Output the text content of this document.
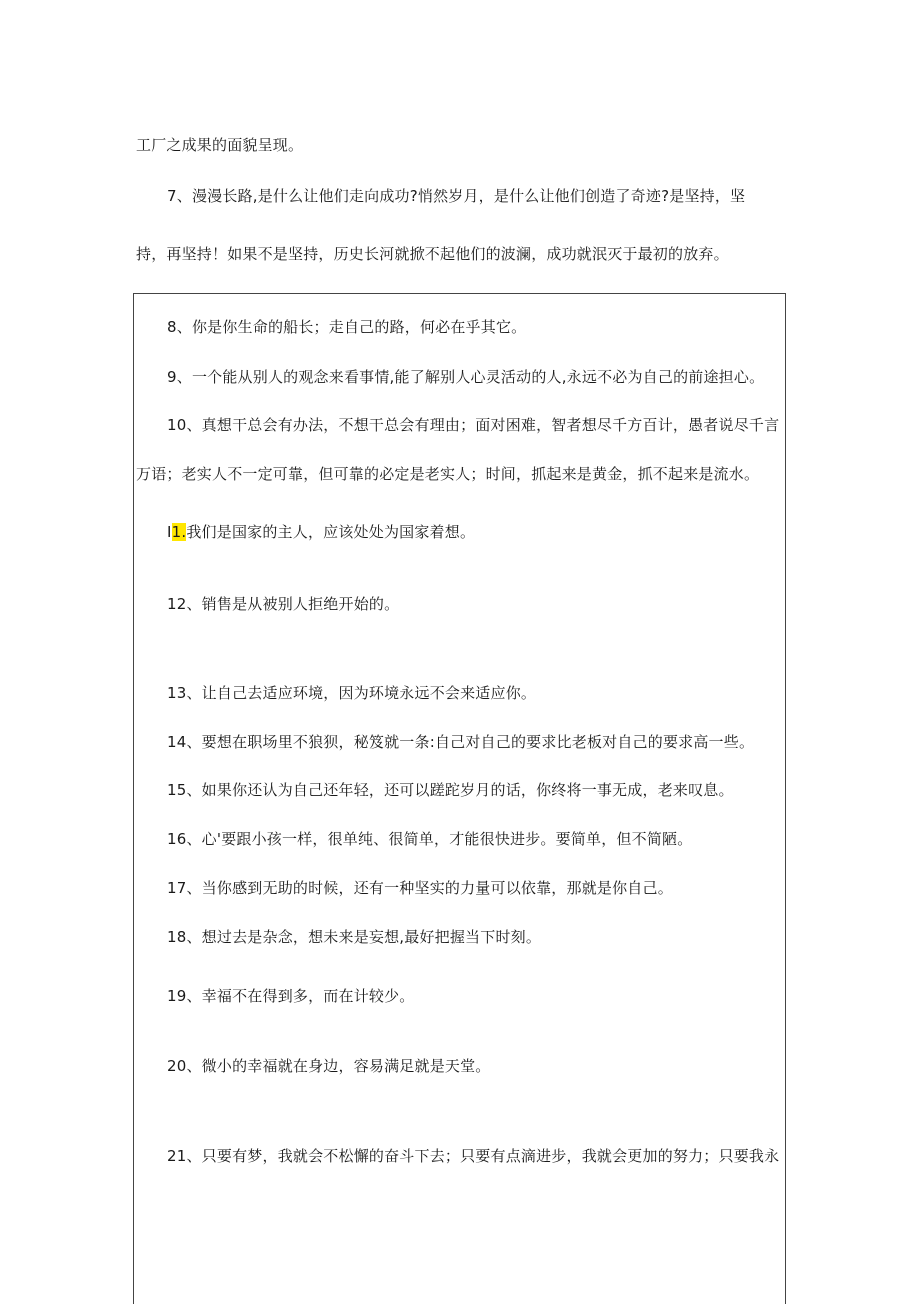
工厂之成果的面貌呈现。
7、漫漫长路,是什么让他们走向成功?悄然岁月，是什么让他们创造了奇迹?是坚持，坚
持，再坚持！如果不是坚持，历史长河就掀不起他们的波澜，成功就泯灭于最初的放弃。
8、你是你生命的船长；走自己的路，何必在乎其它。
9、一个能从别人的观念来看事情,能了解别人心灵活动的人,永远不必为自己的前途担心。
10、真想干总会有办法，不想干总会有理由；面对困难，智者想尽千方百计，愚者说尽千言
万语；老实人不一定可靠，但可靠的必定是老实人；时间，抓起来是黄金，抓不起来是流水。
I1.我们是国家的主人，应该处处为国家着想。
12、销售是从被别人拒绝开始的。
13、让自己去适应环境，因为环境永远不会来适应你。
14、要想在职场里不狼狈，秘笈就一条:自己对自己的要求比老板对自己的要求高一些。
15、如果你还认为自己还年轻，还可以蹉跎岁月的话，你终将一事无成，老来叹息。
16、心'要跟小孩一样，很单纯、很简单，才能很快进步。要简单，但不简陋。
17、当你感到无助的时候，还有一种坚实的力量可以依靠，那就是你自己。
18、想过去是杂念，想未来是妄想,最好把握当下时刻。
19、幸福不在得到多，而在计较少。
20、微小的幸福就在身边，容易满足就是天堂。
21、只要有梦，我就会不松懈的奋斗下去；只要有点滴进步，我就会更加的努力；只要我永
